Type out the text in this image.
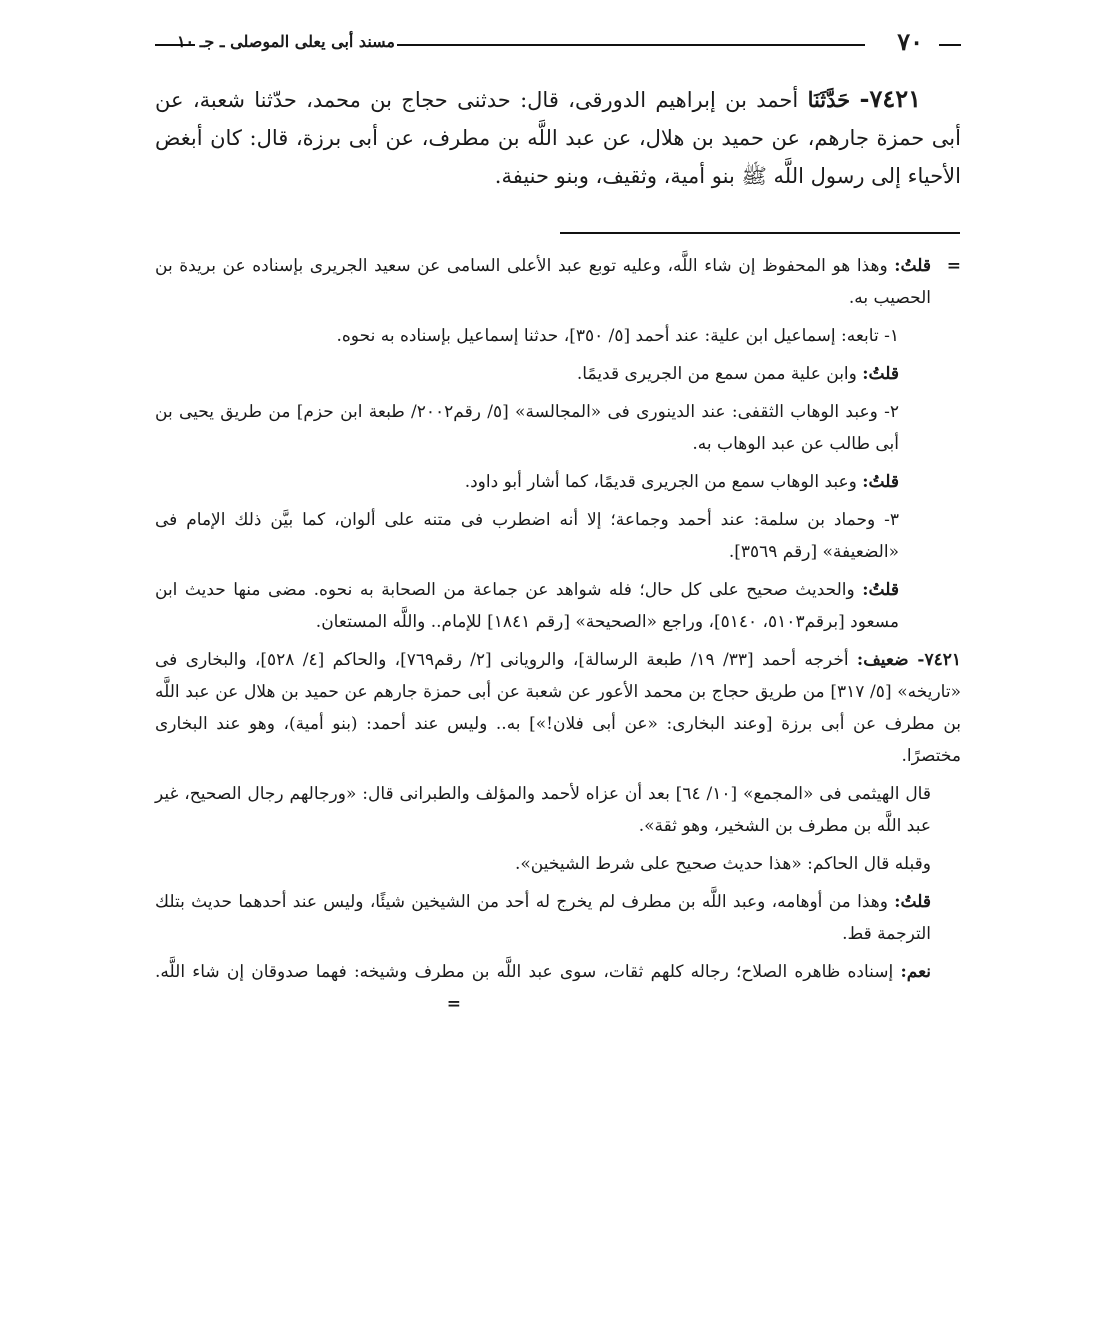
٧٠
مسند أبى يعلى الموصلى ـ جـ ١٠

٧٤٢١- حَدَّثَنَا أحمد بن إبراهيم الدورقى، قال: حدثنى حجاج بن محمد، حدّثنا شعبة، عن أبى حمزة جارهم، عن حميد بن هلال، عن عبد اللَّه بن مطرف، عن أبى برزة، قال: كان أبغض الأحياء إلى رسول اللَّه ﷺ بنو أمية، وثقيف، وبنو حنيفة.

=
قلتُ: وهذا هو المحفوظ إن شاء اللَّه، وعليه توبع عبد الأعلى السامى عن سعيد الجريرى بإسناده عن بريدة بن الحصيب به.

١- تابعه: إسماعيل ابن علية: عند أحمد [٥/ ٣٥٠]، حدثنا إسماعيل بإسناده به نحوه.

قلتُ: وابن علية ممن سمع من الجريرى قديمًا.

٢- وعبد الوهاب الثقفى: عند الدينورى فى «المجالسة» [٥/ رقم٢٠٠٢/ طبعة ابن حزم] من طريق يحيى بن أبى طالب عن عبد الوهاب به.

قلتُ: وعبد الوهاب سمع من الجريرى قديمًا، كما أشار أبو داود.

٣- وحماد بن سلمة: عند أحمد وجماعة؛ إلا أنه اضطرب فى متنه على ألوان، كما بيَّن ذلك الإمام فى «الضعيفة» [رقم ٣٥٦٩].

قلتُ: والحديث صحيح على كل حال؛ فله شواهد عن جماعة من الصحابة به نحوه. مضى منها حديث ابن مسعود [برقم٥١٠٣، ٥١٤٠]، وراجع «الصحيحة» [رقم ١٨٤١] للإمام.. واللَّه المستعان.

٧٤٢١- ضعيف: أخرجه أحمد [٣٣/ ١٩/ طبعة الرسالة]، والرويانى [٢/ رقم٧٦٩]، والحاكم [٤/ ٥٢٨]، والبخارى فى «تاريخه» [٥/ ٣١٧] من طريق حجاج بن محمد الأعور عن شعبة عن أبى حمزة جارهم عن حميد بن هلال عن عبد اللَّه بن مطرف عن أبى برزة [وعند البخارى: «عن أبى فلان!»] به.. وليس عند أحمد: (بنو أمية)، وهو عند البخارى مختصرًا.

قال الهيثمى فى «المجمع» [١٠/ ٦٤] بعد أن عزاه لأحمد والمؤلف والطبرانى قال: «ورجالهم رجال الصحيح، غير عبد اللَّه بن مطرف بن الشخير، وهو ثقة».

وقبله قال الحاكم: «هذا حديث صحيح على شرط الشيخين».

قلتُ: وهذا من أوهامه، وعبد اللَّه بن مطرف لم يخرج له أحد من الشيخين شيئًا، وليس عند أحدهما حديث بتلك الترجمة قط.

نعم: إسناده ظاهره الصلاح؛ رجاله كلهم ثقات، سوى عبد اللَّه بن مطرف وشيخه: فهما صدوقان إن شاء اللَّه. =
